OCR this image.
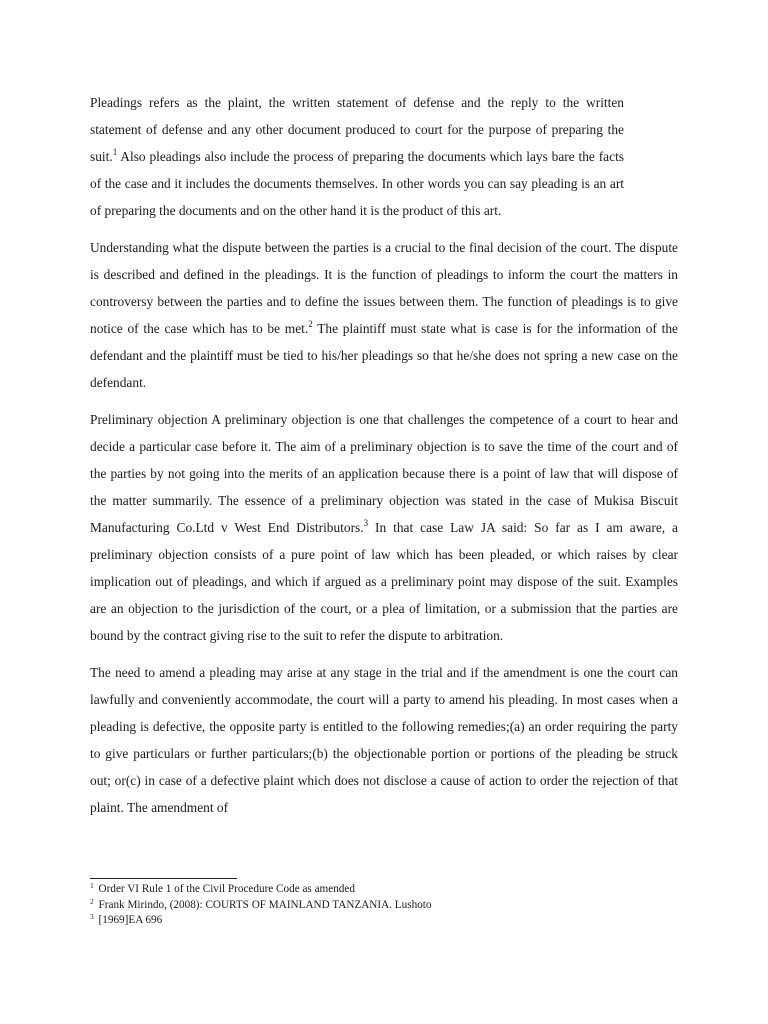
Pleadings refers as the plaint, the written statement of defense and the reply to the written statement of defense and any other document produced to court for the purpose of preparing the suit.$^1$ Also pleadings also include the process of preparing the documents which lays bare the facts of the case and it includes the documents themselves. In other words you can say pleading is an art of preparing the documents and on the other hand it is the product of this art.

Understanding what the dispute between the parties is a crucial to the final decision of the court. The dispute is described and defined in the pleadings. It is the function of pleadings to inform the court the matters in controversy between the parties and to define the issues between them. The function of pleadings is to give notice of the case which has to be met.$^2$ The plaintiff must state what is case is for the information of the defendant and the plaintiff must be tied to his/her pleadings so that he/she does not spring a new case on the defendant.

Preliminary objection A preliminary objection is one that challenges the competence of a court to hear and decide a particular case before it. The aim of a preliminary objection is to save the time of the court and of the parties by not going into the merits of an application because there is a point of law that will dispose of the matter summarily. The essence of a preliminary objection was stated in the case of Mukisa Biscuit Manufacturing Co.Ltd v West End Distributors.$^3$ In that case Law JA said: So far as I am aware, a preliminary objection consists of a pure point of law which has been pleaded, or which raises by clear implication out of pleadings, and which if argued as a preliminary point may dispose of the suit. Examples are an objection to the jurisdiction of the court, or a plea of limitation, or a submission that the parties are bound by the contract giving rise to the suit to refer the dispute to arbitration.

The need to amend a pleading may arise at any stage in the trial and if the amendment is one the court can lawfully and conveniently accommodate, the court will a party to amend his pleading. In most cases when a pleading is defective, the opposite party is entitled to the following remedies;(a) an order requiring the party to give particulars or further particulars;(b) the objectionable portion or portions of the pleading be struck out; or(c) in case of a defective plaint which does not disclose a cause of action to order the rejection of that plaint. The amendment of

$^1$ Order VI Rule 1 of the Civil Procedure Code as amended
$^2$ Frank Mirindo, (2008): COURTS OF MAINLAND TANZANIA. Lushoto
$^3$ [1969]EA 696
